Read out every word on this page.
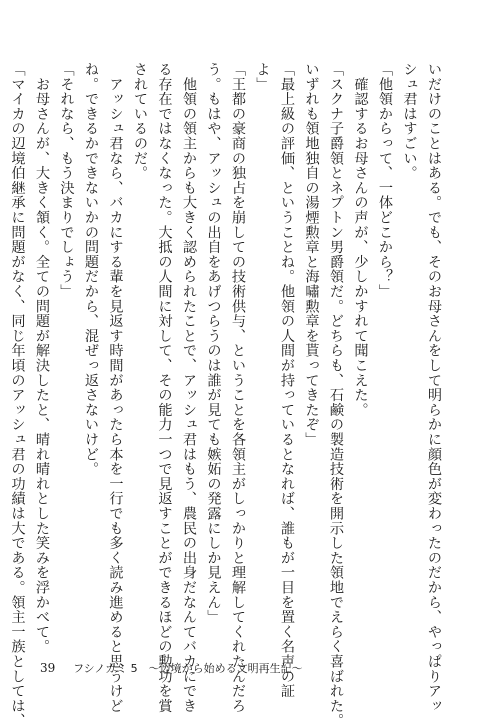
いだけのことはある。でも、そのお母さんをして明らかに顔色が変わったのだから、やっぱりアッ
シュ君はすごい。
「他領からって、一体どこから？」
　確認するお母さんの声が、少しかすれて聞こえた。
「スクナ子爵領とネプトン男爵領だ。どちらも、石鹸の製造技術を開示した領地でえらく喜ばれた。
いずれも領地独自の湯煙勲章と海嘯勲章を貰ってきたぞ」
「最上級の評価、ということね。他領の人間が持っているとなれば、誰もが一目を置く名声の証
よ」
「王都の豪商の独占を崩しての技術供与、ということを各領主がしっかりと理解してくれたんだろ
う。もはや、アッシュの出自をあげつらうのは誰が見ても嫉妬の発露にしか見えん」
　他領の領主からも大きく認められたことで、アッシュ君はもう、農民の出身だなんてバカにでき
る存在ではなくなった。大抵の人間に対して、その能力一つで見返すことができるほどの勲功を賞
されているのだ。
　アッシュ君なら、バカにする輩を見返す時間があったら本を一行でも多く読み進めると思うけど
ね。できるかできないかの問題だから、混ぜっ返さないけど。
「それなら、もう決まりでしょう」
　お母さんが、大きく頷く。全ての問題が解決したと、晴れ晴れとした笑みを浮かべて。
「マイカの辺境伯継承に問題がなく、同じ年頃のアッシュ君の功績は大である。領主一族としては、	39 フシノカミ 5　～辺境から始める文明再生記～
